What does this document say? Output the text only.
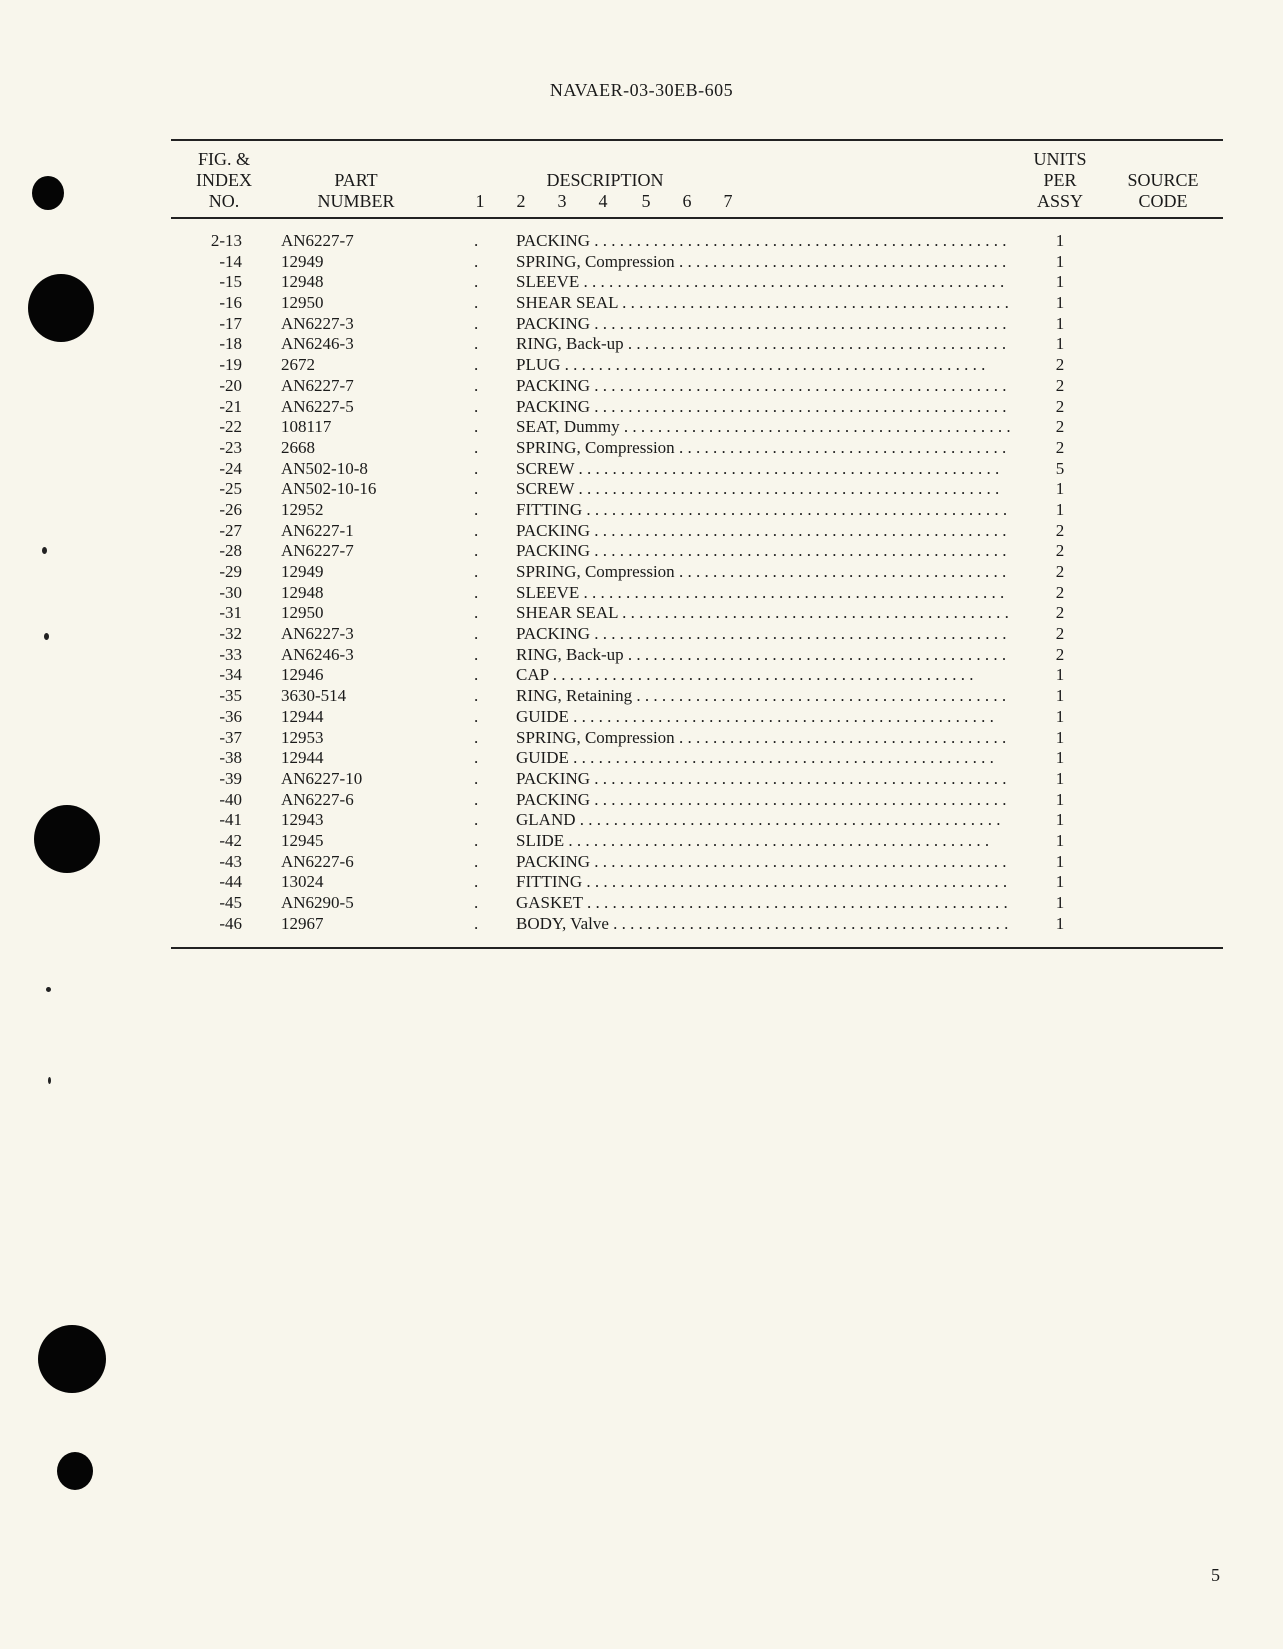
NAVAER-03-30EB-605
FIG. &
INDEX
NO.
PART
NUMBER
DESCRIPTION
1 2 3 4 5 6 7
UNITS
PER
ASSY
SOURCE
CODE
2-13 AN6227-7	. PACKING . . .	1
-14 12949	. SPRING, Compression . . .	1
-15 12948	. SLEEVE . . .	1
-16 12950	. SHEAR SEAL . . .	1
-17 AN6227-3	. PACKING . . .	1
-18 AN6246-3	. RING, Back-up . . .	1
-19 2672	. PLUG . . .	2
-20 AN6227-7	. PACKING . . .	2
-21 AN6227-5	. PACKING . . .	2
-22 108117	. SEAT, Dummy . . .	2
-23 2668	. SPRING, Compression . . .	2
-24 AN502-10-8	. SCREW . . .	5
-25 AN502-10-16	. SCREW . . .	1
-26 12952	. FITTING . . .	1
-27 AN6227-1	. PACKING . . .	2
-28 AN6227-7	. PACKING . . .	2
-29 12949	. SPRING, Compression . . .	2
-30 12948	. SLEEVE . . .	2
-31 12950	. SHEAR SEAL . . .	2
-32 AN6227-3	. PACKING . . .	2
-33 AN6246-3	. RING, Back-up . . .	2
-34 12946	. CAP . . .	1
-35 3630-514	. RING, Retaining . . .	1
-36 12944	. GUIDE . . .	1
-37 12953	. SPRING, Compression . . .	1
-38 12944	. GUIDE . . .	1
-39 AN6227-10	. PACKING . . .	1
-40 AN6227-6	. PACKING . . .	1
-41 12943	. GLAND . . .	1
-42 12945	. SLIDE . . .	1
-43 AN6227-6	. PACKING . . .	1
-44 13024	. FITTING . . .	1
-45 AN6290-5	. GASKET . . .	1
-46 12967	. BODY, Valve . . .	1
5
